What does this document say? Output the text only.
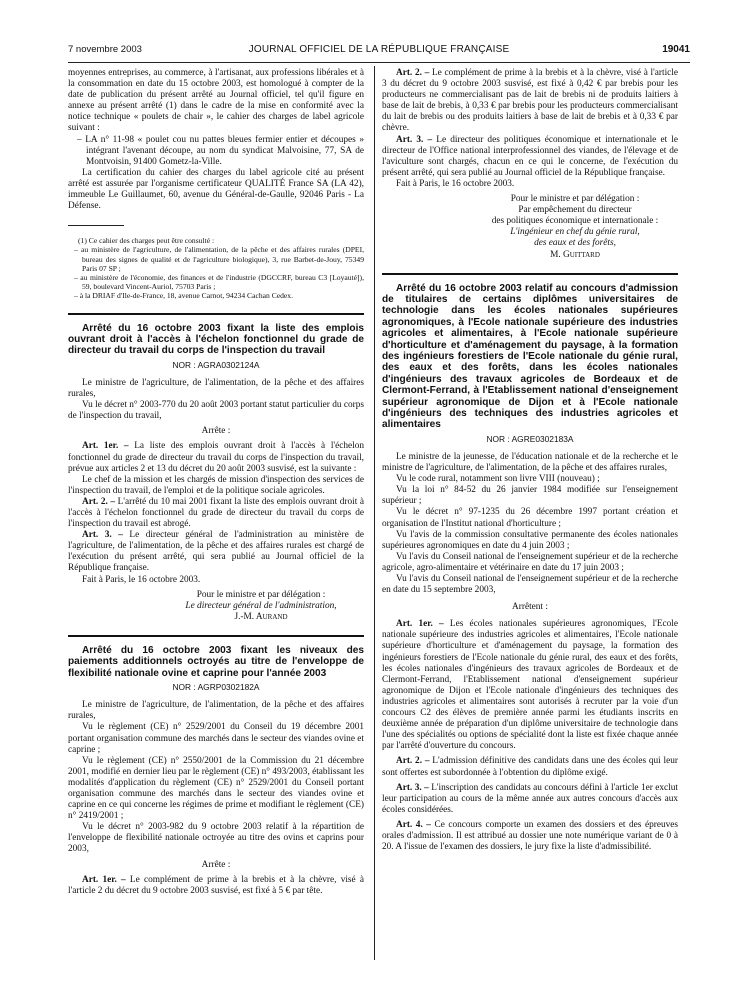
7 novembre 2003	JOURNAL OFFICIEL DE LA RÉPUBLIQUE FRANÇAISE	19041

moyennes entreprises, au commerce, à l'artisanat, aux professions libérales et à la consommation en date du 15 octobre 2003, est homologué à compter de la date de publication du présent arrêté au Journal officiel, tel qu'il figure en annexe au présent arrêté (1) dans le cadre de la mise en conformité avec la notice technique « poulets de chair », le cahier des charges de label agricole suivant :

– LA n° 11-98 « poulet cou nu pattes bleues fermier entier et découpes » intégrant l'avenant découpe, au nom du syndicat Malvoisine, 77, SA de Montvoisin, 91400 Gometz-la-Ville.

La certification du cahier des charges du label agricole cité au présent arrêté est assurée par l'organisme certificateur QUALITÉ France SA (LA 42), immeuble Le Guillaumet, 60, avenue du Général-de-Gaulle, 92046 Paris - La Défense.

(1) Ce cahier des charges peut être consulté :

– au ministère de l'agriculture, de l'alimentation, de la pêche et des affaires rurales (DPEI, bureau des signes de qualité et de l'agriculture biologique), 3, rue Barbet-de-Jouy, 75349 Paris 07 SP ;

– au ministère de l'économie, des finances et de l'industrie (DGCCRF, bureau C3 [Loyauté]), 59, boulevard Vincent-Auriol, 75703 Paris ;

– à la DRIAF d'Ile-de-France, 18, avenue Carnot, 94234 Cachan Cedex.

Arrêté du 16 octobre 2003 fixant la liste des emplois ouvrant droit à l'accès à l'échelon fonctionnel du grade de directeur du travail du corps de l'inspection du travail

NOR : AGRA0302124A

Le ministre de l'agriculture, de l'alimentation, de la pêche et des affaires rurales,

Vu le décret n° 2003-770 du 20 août 2003 portant statut particulier du corps de l'inspection du travail,

Arrête :

Art. 1er. – La liste des emplois ouvrant droit à l'accès à l'échelon fonctionnel du grade de directeur du travail du corps de l'inspection du travail, prévue aux articles 2 et 13 du décret du 20 août 2003 susvisé, est la suivante :

Le chef de la mission et les chargés de mission d'inspection des services de l'inspection du travail, de l'emploi et de la politique sociale agricoles.

Art. 2. – L'arrêté du 10 mai 2001 fixant la liste des emplois ouvrant droit à l'accès à l'échelon fonctionnel du grade de directeur du travail du corps de l'inspection du travail est abrogé.

Art. 3. – Le directeur général de l'administration au ministère de l'agriculture, de l'alimentation, de la pêche et des affaires rurales est chargé de l'exécution du présent arrêté, qui sera publié au Journal officiel de la République française.

Fait à Paris, le 16 octobre 2003.

Pour le ministre et par délégation :

Le directeur général de l'administration,

J.-M. Aurand

Arrêté du 16 octobre 2003 fixant les niveaux des paiements additionnels octroyés au titre de l'enveloppe de flexibilité nationale ovine et caprine pour l'année 2003

NOR : AGRP0302182A

Le ministre de l'agriculture, de l'alimentation, de la pêche et des affaires rurales,

Vu le règlement (CE) n° 2529/2001 du Conseil du 19 décembre 2001 portant organisation commune des marchés dans le secteur des viandes ovine et caprine ;

Vu le règlement (CE) n° 2550/2001 de la Commission du 21 décembre 2001, modifié en dernier lieu par le règlement (CE) n° 493/2003, établissant les modalités d'application du règlement (CE) n° 2529/2001 du Conseil portant organisation commune des marchés dans le secteur des viandes ovine et caprine en ce qui concerne les régimes de prime et modifiant le règlement (CE) n° 2419/2001 ;

Vu le décret n° 2003-982 du 9 octobre 2003 relatif à la répartition de l'enveloppe de flexibilité nationale octroyée au titre des ovins et caprins pour 2003,

Arrête :

Art. 1er. – Le complément de prime à la brebis et à la chèvre, visé à l'article 2 du décret du 9 octobre 2003 susvisé, est fixé à 5 € par tête.

Art. 2. – Le complément de prime à la brebis et à la chèvre, visé à l'article 3 du décret du 9 octobre 2003 susvisé, est fixé à 0,42 € par brebis pour les producteurs ne commercialisant pas de lait de brebis ni de produits laitiers à base de lait de brebis, à 0,33 € par brebis pour les producteurs commercialisant du lait de brebis ou des produits laitiers à base de lait de brebis et à 0,33 € par chèvre.

Art. 3. – Le directeur des politiques économique et internationale et le directeur de l'Office national interprofessionnel des viandes, de l'élevage et de l'aviculture sont chargés, chacun en ce qui le concerne, de l'exécution du présent arrêté, qui sera publié au Journal officiel de la République française.

Fait à Paris, le 16 octobre 2003.

Pour le ministre et par délégation :

Par empêchement du directeur

des politiques économique et internationale :

L'ingénieur en chef du génie rural,

des eaux et des forêts,

M. Guittard

Arrêté du 16 octobre 2003 relatif au concours d'admission de titulaires de certains diplômes universitaires de technologie dans les écoles nationales supérieures agronomiques, à l'Ecole nationale supérieure des industries agricoles et alimentaires, à l'Ecole nationale supérieure d'horticulture et d'aménagement du paysage, à la formation des ingénieurs forestiers de l'Ecole nationale du génie rural, des eaux et des forêts, dans les écoles nationales d'ingénieurs des travaux agricoles de Bordeaux et de Clermont-Ferrand, à l'Etablissement national d'enseignement supérieur agronomique de Dijon et à l'Ecole nationale d'ingénieurs des techniques des industries agricoles et alimentaires

NOR : AGRE0302183A

Le ministre de la jeunesse, de l'éducation nationale et de la recherche et le ministre de l'agriculture, de l'alimentation, de la pêche et des affaires rurales,

Vu le code rural, notamment son livre VIII (nouveau) ;

Vu la loi n° 84-52 du 26 janvier 1984 modifiée sur l'enseignement supérieur ;

Vu le décret n° 97-1235 du 26 décembre 1997 portant création et organisation de l'Institut national d'horticulture ;

Vu l'avis de la commission consultative permanente des écoles nationales supérieures agronomiques en date du 4 juin 2003 ;

Vu l'avis du Conseil national de l'enseignement supérieur et de la recherche agricole, agro-alimentaire et vétérinaire en date du 17 juin 2003 ;

Vu l'avis du Conseil national de l'enseignement supérieur et de la recherche en date du 15 septembre 2003,

Arrêtent :

Art. 1er. – Les écoles nationales supérieures agronomiques, l'Ecole nationale supérieure des industries agricoles et alimentaires, l'Ecole nationale supérieure d'horticulture et d'aménagement du paysage, la formation des ingénieurs forestiers de l'Ecole nationale du génie rural, des eaux et des forêts, les écoles nationales d'ingénieurs des travaux agricoles de Bordeaux et de Clermont-Ferrand, l'Etablissement national d'enseignement supérieur agronomique de Dijon et l'Ecole nationale d'ingénieurs des techniques des industries agricoles et alimentaires sont autorisés à recruter par la voie d'un concours C2 des élèves de première année parmi les étudiants inscrits en deuxième année de préparation d'un diplôme universitaire de technologie dans l'une des spécialités ou options de spécialité dont la liste est fixée chaque année par l'arrêté d'ouverture du concours.

Art. 2. – L'admission définitive des candidats dans une des écoles qui leur sont offertes est subordonnée à l'obtention du diplôme exigé.

Art. 3. – L'inscription des candidats au concours défini à l'article 1er exclut leur participation au cours de la même année aux autres concours d'accès aux écoles considérées.

Art. 4. – Ce concours comporte un examen des dossiers et des épreuves orales d'admission. Il est attribué au dossier une note numérique variant de 0 à 20. A l'issue de l'examen des dossiers, le jury fixe la liste d'admissibilité.
